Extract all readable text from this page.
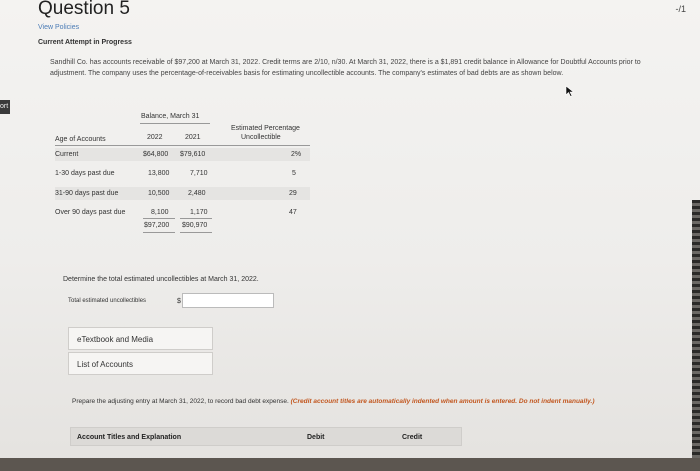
-/1
Question 5
View Policies
Current Attempt in Progress
Sandhill Co. has accounts receivable of $97,200 at March 31, 2022. Credit terms are 2/10, n/30. At March 31, 2022, there is a $1,891 credit balance in Allowance for Doubtful Accounts prior to adjustment. The company uses the percentage-of-receivables basis for estimating uncollectible accounts. The company's estimates of bad debts are as shown below.
Balance, March 31
Estimated Percentage
Uncollectible
Age of Accounts	2022	2021
Current	$64,800 $79,610	2%
1-30 days past due	13,800	7,710	5
31-90 days past due	10,500	2,480	29
Over 90 days past due	8,100	1,170	47
$97,200 $90,970
Determine the total estimated uncollectibles at March 31, 2022.
Total estimated uncollectibles	$
eTextbook and Media
List of Accounts
Prepare the adjusting entry at March 31, 2022, to record bad debt expense. (Credit account titles are automatically indented when amount is entered. Do not indent manually.)
Account Titles and Explanation	Debit	Credit
ort
